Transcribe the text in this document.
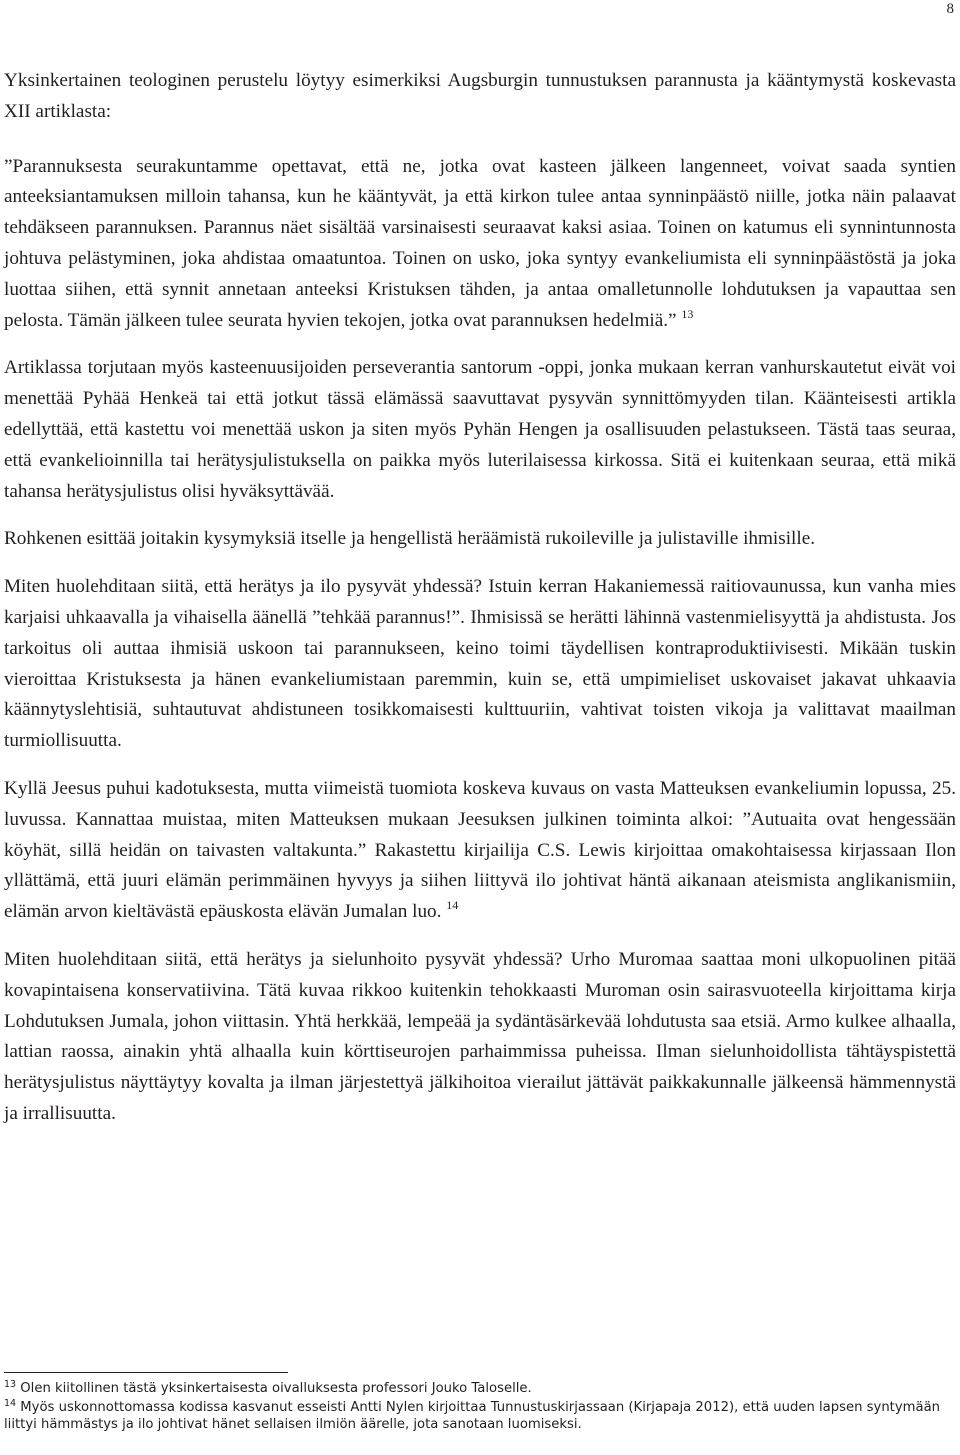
8

Yksinkertainen teologinen perustelu löytyy esimerkiksi Augsburgin tunnustuksen parannusta ja kääntymystä koskevasta XII artiklasta:

”Parannuksesta seurakuntamme opettavat, että ne, jotka ovat kasteen jälkeen langenneet, voivat saada syntien anteeksiantamuksen milloin tahansa, kun he kääntyvät, ja että kirkon tulee antaa synninpäästö niille, jotka näin palaavat tehdäkseen parannuksen. Parannus näet sisältää varsinaisesti seuraavat kaksi asiaa. Toinen on katumus eli synnintunnosta johtuva pelästyminen, joka ahdistaa omaatuntoa. Toinen on usko, joka syntyy evankeliumista eli synninpäästöstä ja joka luottaa siihen, että synnit annetaan anteeksi Kristuksen tähden, ja antaa omalletunnolle lohdutuksen ja vapauttaa sen pelosta. Tämän jälkeen tulee seurata hyvien tekojen, jotka ovat parannuksen hedelmiä.” $^{13}$

Artiklassa torjutaan myös kasteenuusijoiden perseverantia santorum -oppi, jonka mukaan kerran vanhurskautetut eivät voi menettää Pyhää Henkeä tai että jotkut tässä elämässä saavuttavat pysyvän synnittömyyden tilan. Käänteisesti artikla edellyttää, että kastettu voi menettää uskon ja siten myös Pyhän Hengen ja osallisuuden pelastukseen. Tästä taas seuraa, että evankelioinnilla tai herätysjulistuksella on paikka myös luterilaisessa kirkossa. Sitä ei kuitenkaan seuraa, että mikä tahansa herätysjulistus olisi hyväksyttävää.

Rohkenen esittää joitakin kysymyksiä itselle ja hengellistä heräämistä rukoileville ja julistaville ihmisille.

Miten huolehditaan siitä, että herätys ja ilo pysyvät yhdessä? Istuin kerran Hakaniemessä raitiovaunussa, kun vanha mies karjaisi uhkaavalla ja vihaisella äänellä ”tehkää parannus!”. Ihmisissä se herätti lähinnä vastenmielisyyttä ja ahdistusta. Jos tarkoitus oli auttaa ihmisiä uskoon tai parannukseen, keino toimi täydellisen kontraproduktiivisesti. Mikään tuskin vieroittaa Kristuksesta ja hänen evankeliumistaan paremmin, kuin se, että umpimieliset uskovaiset jakavat uhkaavia käännytyslehtisiä, suhtautuvat ahdistuneen tosikkomaisesti kulttuuriin, vahtivat toisten vikoja ja valittavat maailman turmiollisuutta.

Kyllä Jeesus puhui kadotuksesta, mutta viimeistä tuomiota koskeva kuvaus on vasta Matteuksen evankeliumin lopussa, 25. luvussa. Kannattaa muistaa, miten Matteuksen mukaan Jeesuksen julkinen toiminta alkoi: ”Autuaita ovat hengessään köyhät, sillä heidän on taivasten valtakunta.” Rakastettu kirjailija C.S. Lewis kirjoittaa omakohtaisessa kirjassaan Ilon yllättämä, että juuri elämän perimmäinen hyvyys ja siihen liittyvä ilo johtivat häntä aikanaan ateismista anglikanismiin, elämän arvon kieltävästä epäuskosta elävän Jumalan luo. $^{14}$

Miten huolehditaan siitä, että herätys ja sielunhoito pysyvät yhdessä? Urho Muromaa saattaa moni ulkopuolinen pitää kovapintaisena konservatiivina. Tätä kuvaa rikkoo kuitenkin tehokkaasti Muroman osin sairasvuoteella kirjoittama kirja Lohdutuksen Jumala, johon viittasin. Yhtä herkkää, lempeää ja sydäntäsärkevää lohdutusta saa etsiä. Armo kulkee alhaalla, lattian raossa, ainakin yhtä alhaalla kuin körttiseurojen parhaimmissa puheissa. Ilman sielunhoidollista tähtäyspistettä herätysjulistus näyttäytyy kovalta ja ilman järjestettyä jälkihoitoa vierailut jättävät paikkakunnalle jälkeensä hämmennystä ja irrallisuutta.

$^{13}$ Olen kiitollinen tästä yksinkertaisesta oivalluksesta professori Jouko Taloselle.
$^{14}$ Myös uskonnottomassa kodissa kasvanut esseisti Antti Nylen kirjoittaa Tunnustuskirjassaan (Kirjapaja 2012), että uuden lapsen syntymään liittyi hämmästys ja ilo johtivat hänet sellaisen ilmiön äärelle, jota sanotaan luomiseksi.
